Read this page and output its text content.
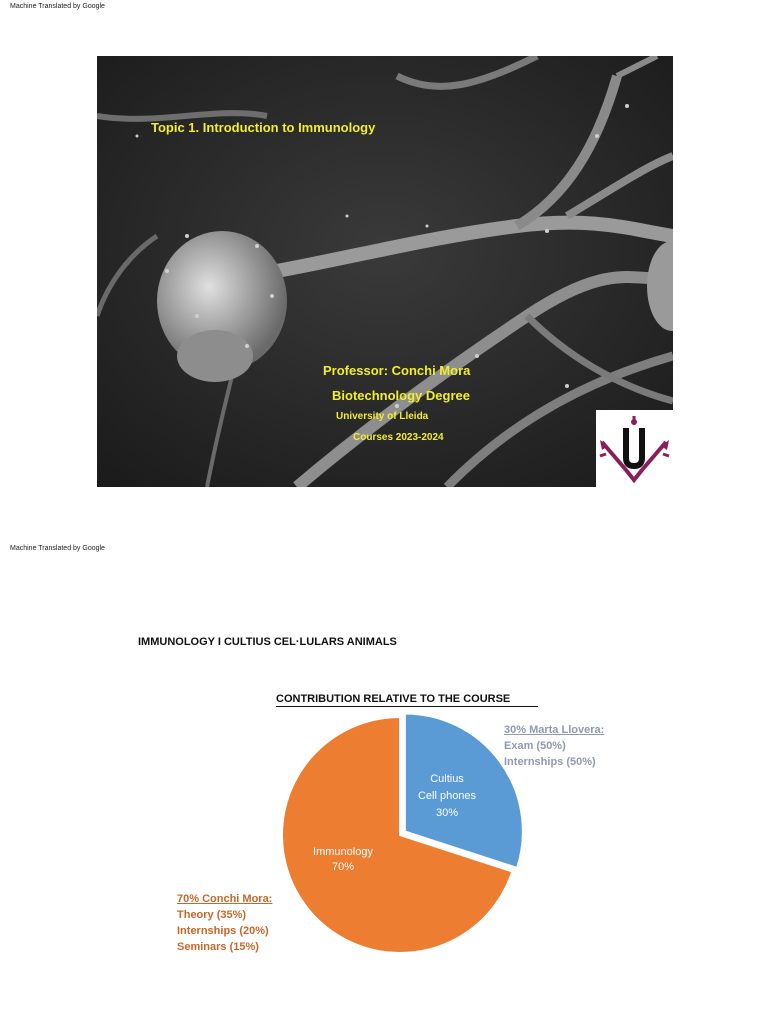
Machine Translated by Google
Topic 1. Introduction to Immunology
Professor: Conchi Mora
Biotechnology Degree
University of Lleida
Courses 2023-2024
Machine Translated by Google
IMMUNOLOGY I CULTIUS CEL·LULARS ANIMALS
CONTRIBUTION RELATIVE TO THE COURSE
Cultius
Cell phones
30%
Immunology
70%
30% Marta Llovera:
Exam (50%)
Internships (50%)
70% Conchi Mora:
Theory (35%)
Internships (20%)
Seminars (15%)
